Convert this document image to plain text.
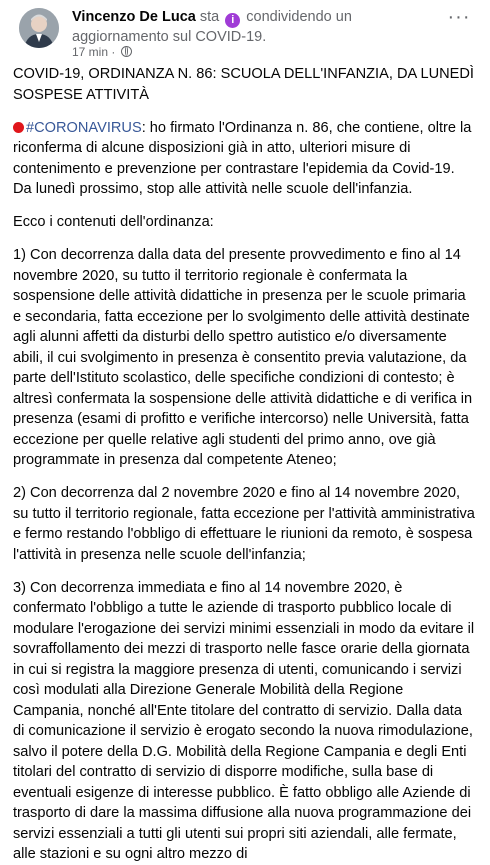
Vincenzo De Luca sta i condividendo un aggiornamento sul COVID-19.
17 min ·
···

COVID-19, ORDINANZA N. 86: SCUOLA DELL'INFANZIA, DA LUNEDÌ SOSPESE ATTIVITÀ

#CORONAVIRUS: ho firmato l'Ordinanza n. 86, che contiene, oltre la riconferma di alcune disposizioni già in atto, ulteriori misure di contenimento e prevenzione per contrastare l'epidemia da Covid-19. Da lunedì prossimo, stop alle attività nelle scuole dell'infanzia.

Ecco i contenuti dell'ordinanza:

1) Con decorrenza dalla data del presente provvedimento e fino al 14 novembre 2020, su tutto il territorio regionale è confermata la sospensione delle attività didattiche in presenza per le scuole primaria e secondaria, fatta eccezione per lo svolgimento delle attività destinate agli alunni affetti da disturbi dello spettro autistico e/o diversamente abili, il cui svolgimento in presenza è consentito previa valutazione, da parte dell'Istituto scolastico, delle specifiche condizioni di contesto; è altresì confermata la sospensione delle attività didattiche e di verifica in presenza (esami di profitto e verifiche intercorso) nelle Università, fatta eccezione per quelle relative agli studenti del primo anno, ove già programmate in presenza dal competente Ateneo;

2) Con decorrenza dal 2 novembre 2020 e fino al 14 novembre 2020, su tutto il territorio regionale, fatta eccezione per l'attività amministrativa e fermo restando l'obbligo di effettuare le riunioni da remoto, è sospesa l'attività in presenza nelle scuole dell'infanzia;

3) Con decorrenza immediata e fino al 14 novembre 2020, è confermato l'obbligo a tutte le aziende di trasporto pubblico locale di modulare l'erogazione dei servizi minimi essenziali in modo da evitare il sovraffollamento dei mezzi di trasporto nelle fasce orarie della giornata in cui si registra la maggiore presenza di utenti, comunicando i servizi così modulati alla Direzione Generale Mobilità della Regione Campania, nonché all'Ente titolare del contratto di servizio. Dalla data di comunicazione il servizio è erogato secondo la nuova rimodulazione, salvo il potere della D.G. Mobilità della Regione Campania e degli Enti titolari del contratto di servizio di disporre modifiche, sulla base di eventuali esigenze di interesse pubblico. È fatto obbligo alle Aziende di trasporto di dare la massima diffusione alla nuova programmazione dei servizi essenziali a tutti gli utenti sui propri siti aziendali, alle fermate, alle stazioni e su ogni altro mezzo di
